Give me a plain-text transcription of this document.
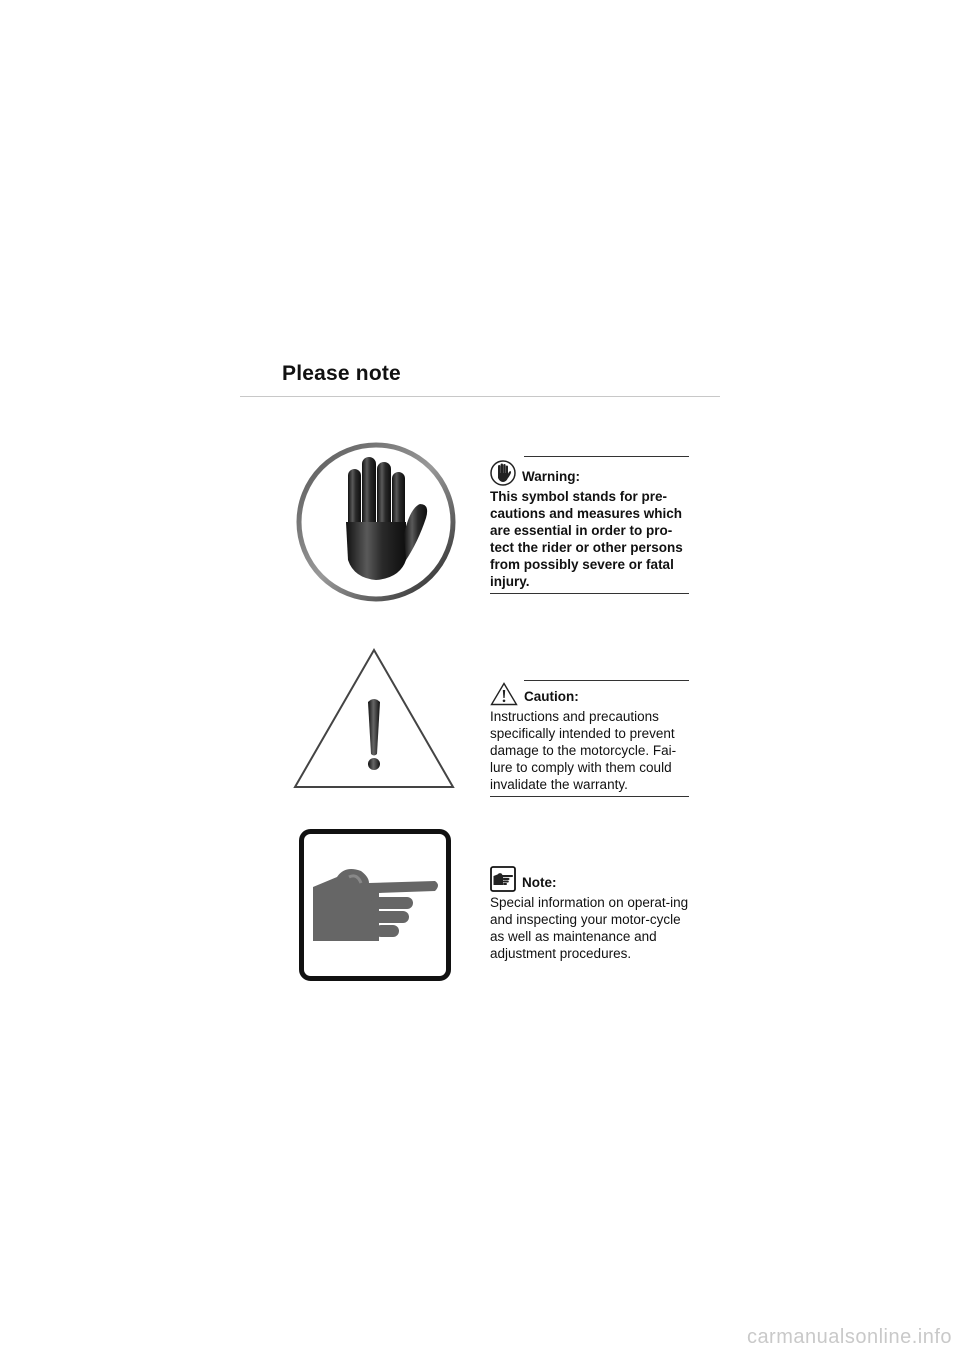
Please note
Warning:

This symbol stands for pre-cautions and measures which are essential in order to pro-tect the rider or other persons from possibly severe or fatal injury.

Caution:

Instructions and precautions specifically intended to prevent damage to the motorcycle. Fai-lure to comply with them could invalidate the warranty.

Note:

Special information on operat-ing and inspecting your motor-cycle as well as maintenance and adjustment procedures.

carmanualsonline.info
